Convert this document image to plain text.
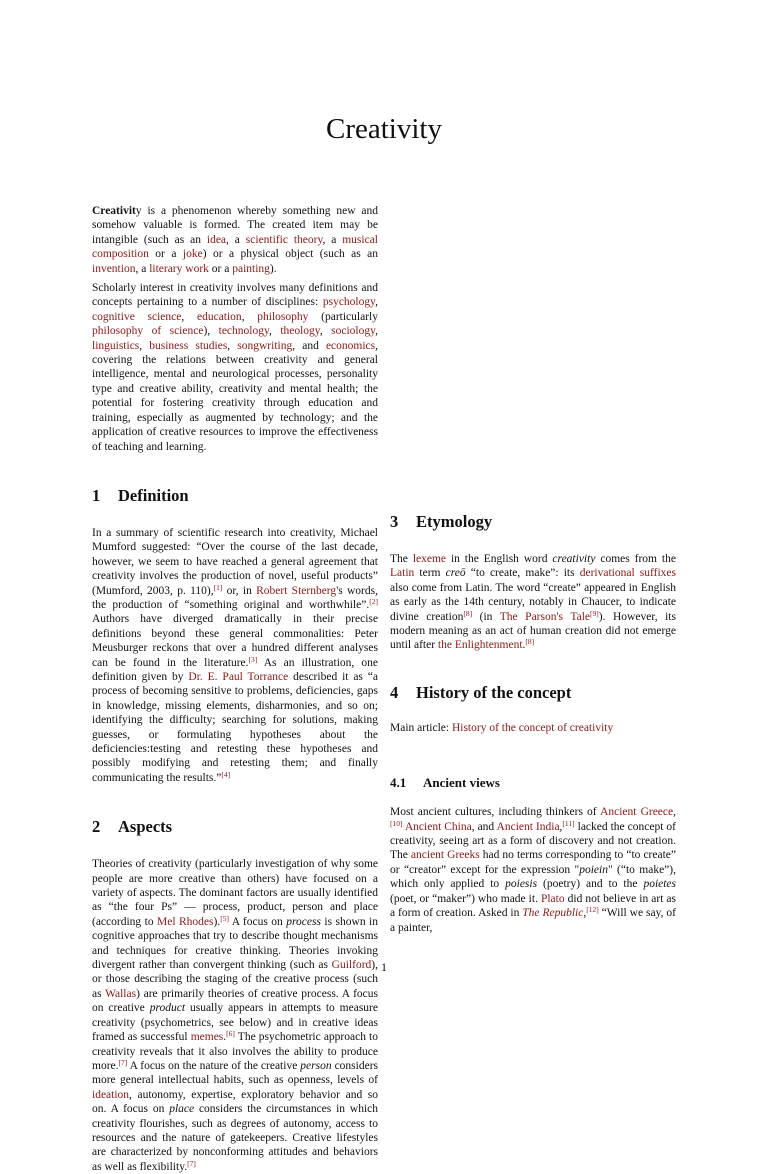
Creativity

Creativity is a phenomenon whereby something new and somehow valuable is formed. The created item may be intangible (such as an idea, a scientific theory, a musical composition or a joke) or a physical object (such as an invention, a literary work or a painting).

Scholarly interest in creativity involves many definitions and concepts pertaining to a number of disciplines: psychology, cognitive science, education, philosophy (particularly philosophy of science), technology, theology, sociology, linguistics, business studies, songwriting, and economics, covering the relations between creativity and general intelligence, mental and neurological processes, personality type and creative ability, creativity and mental health; the potential for fostering creativity through education and training, especially as augmented by technology; and the application of creative resources to improve the effectiveness of teaching and learning.

1 Definition

In a summary of scientific research into creativity, Michael Mumford suggested: “Over the course of the last decade, however, we seem to have reached a general agreement that creativity involves the production of novel, useful products” (Mumford, 2003, p. 110),[1] or, in Robert Sternberg's words, the production of “something original and worthwhile”.[2] Authors have diverged dramatically in their precise definitions beyond these general commonalities: Peter Meusburger reckons that over a hundred different analyses can be found in the literature.[3] As an illustration, one definition given by Dr. E. Paul Torrance described it as “a process of becoming sensitive to problems, deficiencies, gaps in knowledge, missing elements, disharmonies, and so on; identifying the difficulty; searching for solutions, making guesses, or formulating hypotheses about the deficiencies:testing and retesting these hypotheses and possibly modifying and retesting them; and finally communicating the results.”[4]

2 Aspects

Theories of creativity (particularly investigation of why some people are more creative than others) have focused on a variety of aspects. The dominant factors are usually identified as “the four Ps” — process, product, person and place (according to Mel Rhodes).[5] A focus on process is shown in cognitive approaches that try to describe thought mechanisms and techniques for creative thinking. Theories invoking divergent rather than convergent thinking (such as Guilford), or those describing the staging of the creative process (such as Wallas) are primarily theories of creative process. A focus on creative product usually appears in attempts to measure creativity (psychometrics, see below) and in creative ideas framed as successful memes.[6] The psychometric approach to creativity reveals that it also involves the ability to produce more.[7] A focus on the nature of the creative person considers more general intellectual habits, such as openness, levels of ideation, autonomy, expertise, exploratory behavior and so on. A focus on place considers the circumstances in which creativity flourishes, such as degrees of autonomy, access to resources and the nature of gatekeepers. Creative lifestyles are characterized by nonconforming attitudes and behaviors as well as flexibility.[7]

3 Etymology

The lexeme in the English word creativity comes from the Latin term creō “to create, make”: its derivational suffixes also come from Latin. The word “create” appeared in English as early as the 14th century, notably in Chaucer, to indicate divine creation[8] (in The Parson's Tale[9]). However, its modern meaning as an act of human creation did not emerge until after the Enlightenment.[8]

4 History of the concept

Main article: History of the concept of creativity

4.1 Ancient views

Most ancient cultures, including thinkers of Ancient Greece,[10] Ancient China, and Ancient India,[11] lacked the concept of creativity, seeing art as a form of discovery and not creation. The ancient Greeks had no terms corresponding to “to create” or “creator” except for the expression "poiein" (“to make”), which only applied to poiesis (poetry) and to the poietes (poet, or “maker”) who made it. Plato did not believe in art as a form of creation. Asked in The Republic,[12] “Will we say, of a painter,

1
